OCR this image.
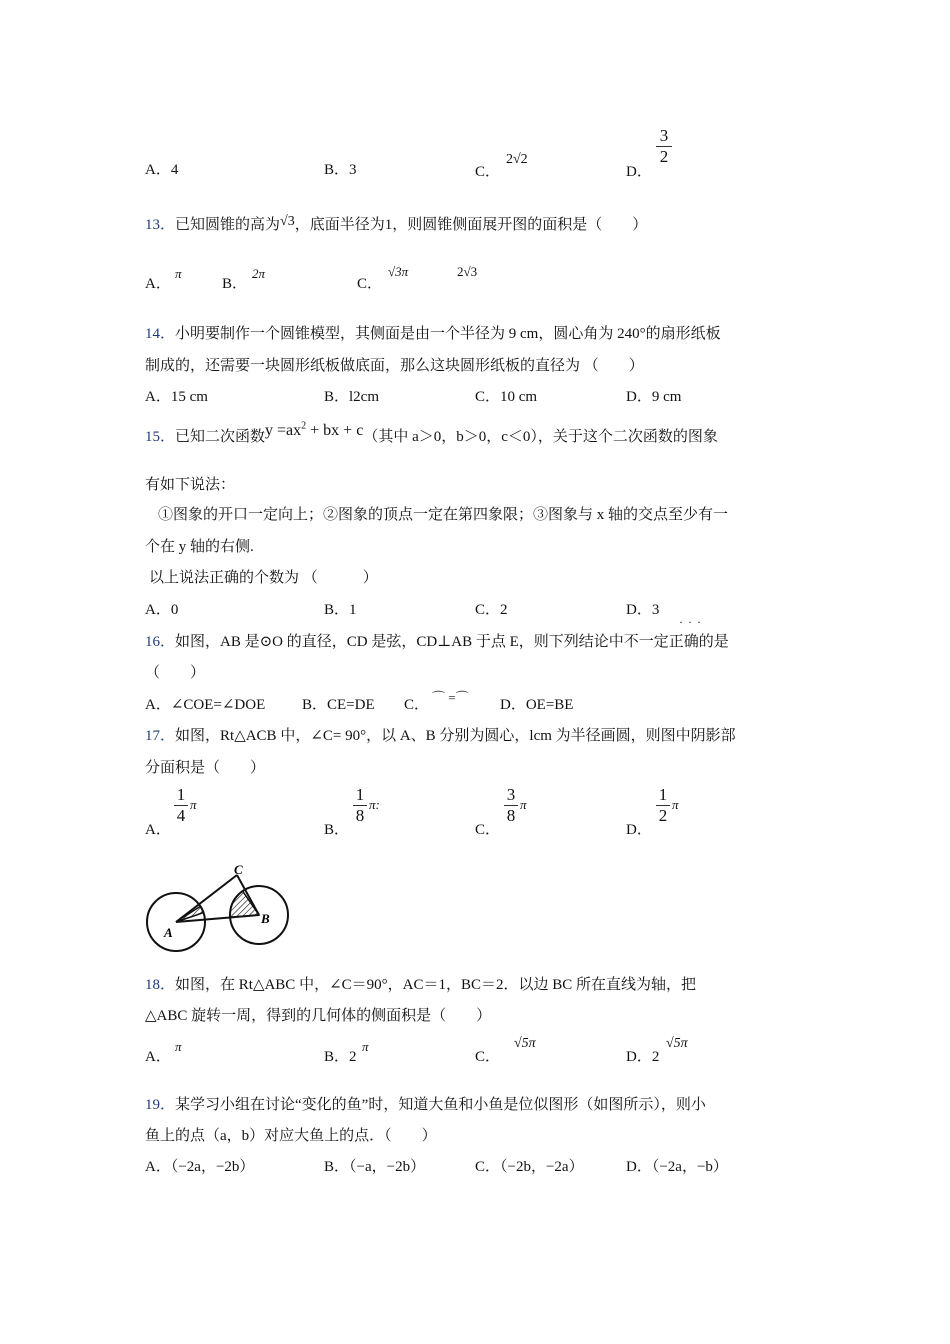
A．4	B．3	C．
2√2
D．
3
2
13．已知圆锥的高为√3，底面半径为1，则圆锥侧面展开图的面积是（　　）
A．
π
B．
2π
C．
√3π	2√3
14．小明要制作一个圆锥模型，其侧面是由一个半径为 9 cm，圆心角为 240°的扇形纸板
制成的，还需要一块圆形纸板做底面，那么这块圆形纸板的直径为 （　　）
A．15 cm	B．l2cm	C．10 cm	D．9 cm
15．已知二次函数$y =ax^2$ + bx + c（其中 a＞0，b＞0，c＜0），关于这个二次函数的图象
有如下说法：
①图象的开口一定向上；②图象的顶点一定在第四象限；③图象与 x 轴的交点至少有一
个在 y 轴的右侧.
以上说法正确的个数为 （　　　）
A．0	B．1	C．2	D．3
· · ·
16．如图，AB 是⊙O 的直径，CD 是弦，CD⊥AB 于点 E，则下列结论中不一定正确的是
（　　）
A．∠COE=∠DOE B．CE=DE C． ⌒ =⌒ D．OE=BE
17．如图，Rt△ACB 中，∠C= 90°，以 A、B 分别为圆心，lcm 为半径画圆，则图中阴影部
分面积是（　　）
A．
1
4
π
B．
1
8
π:
C．
3
8
π
D．
1
2
π
A
B
C
18．如图，在 Rt△ABC 中，∠C＝90°，AC＝1，BC＝2．以边 BC 所在直线为轴，把
△ABC 旋转一周，得到的几何体的侧面积是（　　）
A．
π
B．2
π
C．
√5π
D．2
√5π
19．某学习小组在讨论“变化的鱼”时，知道大鱼和小鱼是位似图形（如图所示），则小
鱼上的点（a，b）对应大鱼上的点．（　　）
A．（−2a，−2b）	B．（−a，−2b）	C．（−2b，−2a）	D．（−2a，−b）
